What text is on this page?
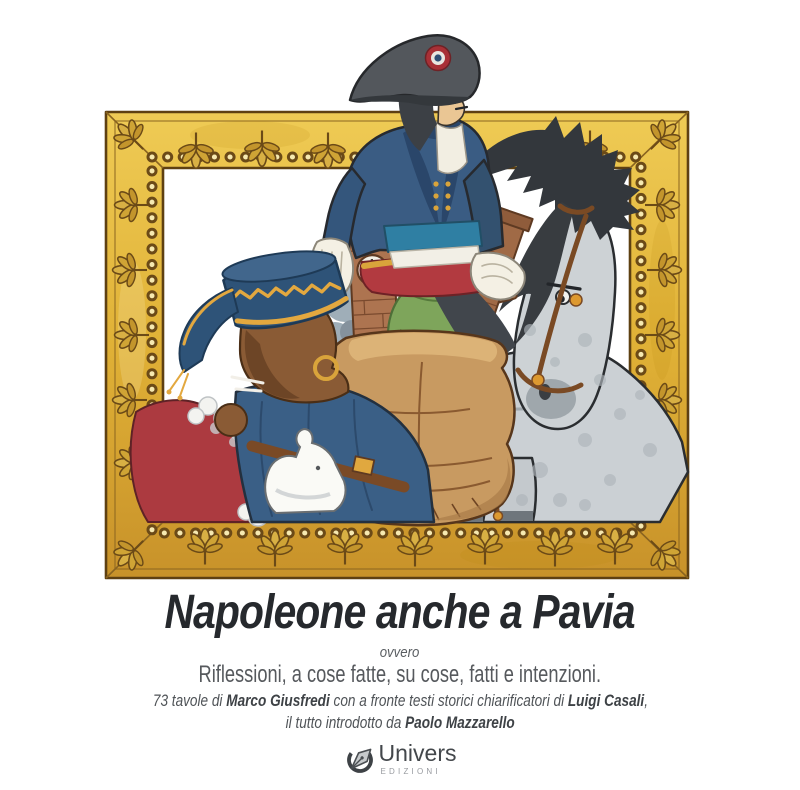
Napoleone anche a Pavia
ovvero
Riflessioni, a cose fatte, su cose, fatti e intenzioni.
73 tavole di Marco Giusfredi con a fronte testi storici chiarificatori di Luigi Casali,
il tutto introdotto da Paolo Mazzarello
Univers
EDIZIONI
